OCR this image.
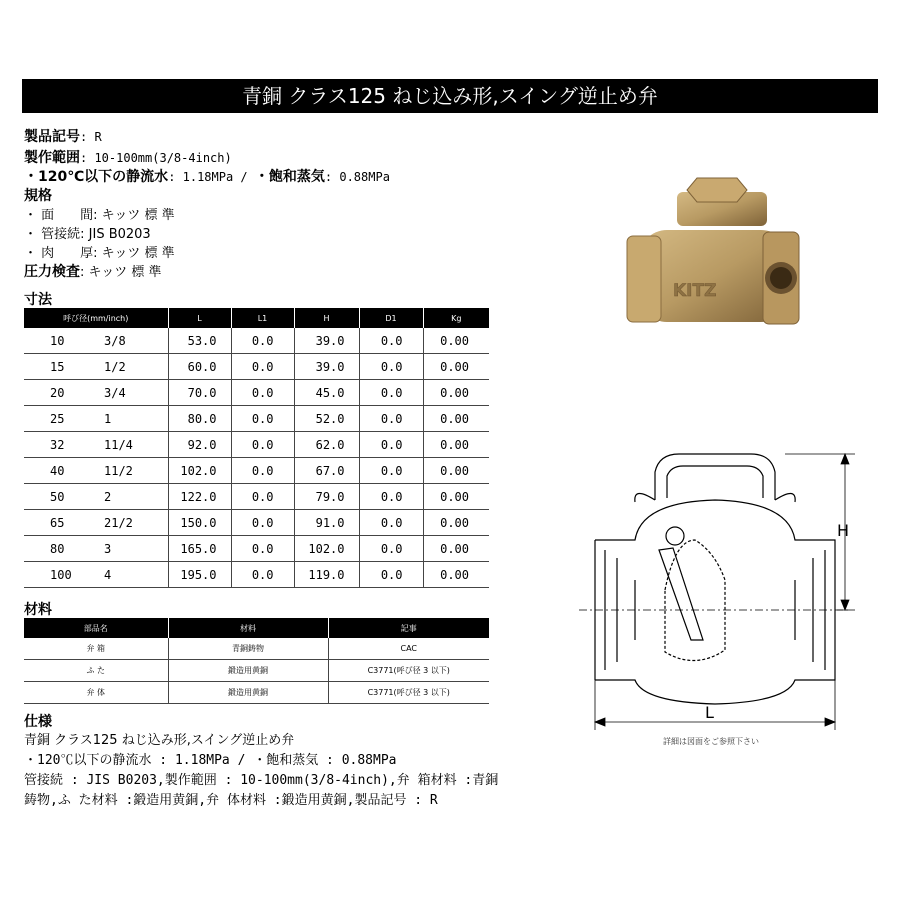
青銅 クラス125 ねじ込み形,スイング逆止め弁
製品記号: R
製作範囲: 10-100mm(3/8-4inch)
・120℃以下の静流水: 1.18MPa / ・飽和蒸気: 0.88MPa
規格
・ 面　　間: キッツ 標 準
・ 管接続: JIS B0203
・ 肉　　厚: キッツ 標 準
圧力検査: キッツ 標 準
寸法
呼び径(mm/inch)		L	L1	H	D1	Kg
10	3/8	53.0	0.0	39.0	0.0	0.00
15	1/2	60.0	0.0	39.0	0.0	0.00
20	3/4	70.0	0.0	45.0	0.0	0.00
25	1	80.0	0.0	52.0	0.0	0.00
32	11/4	92.0	0.0	62.0	0.0	0.00
40	11/2	102.0	0.0	67.0	0.0	0.00
50	2	122.0	0.0	79.0	0.0	0.00
65	21/2	150.0	0.0	91.0	0.0	0.00
80	3	165.0	0.0	102.0	0.0	0.00
100	4	195.0	0.0	119.0	0.0	0.00
材料
部品名	材料	記事
弁 箱	青銅鋳物	CAC
ふ た	鍛造用黄銅	C3771(呼び径 3 以下)
弁 体	鍛造用黄銅	C3771(呼び径 3 以下)
仕様
青銅 クラス125 ねじ込み形,スイング逆止め弁
・120℃以下の静流水 : 1.18MPa / ・飽和蒸気 : 0.88MPa
管接続 : JIS B0203,製作範囲 : 10-100mm(3/8-4inch),弁 箱材料 :青銅
鋳物,ふ た材料 :鍛造用黄銅,弁 体材料 :鍛造用黄銅,製品記号 : R
KITZ
H
L
詳細は図面をご参照下さい
